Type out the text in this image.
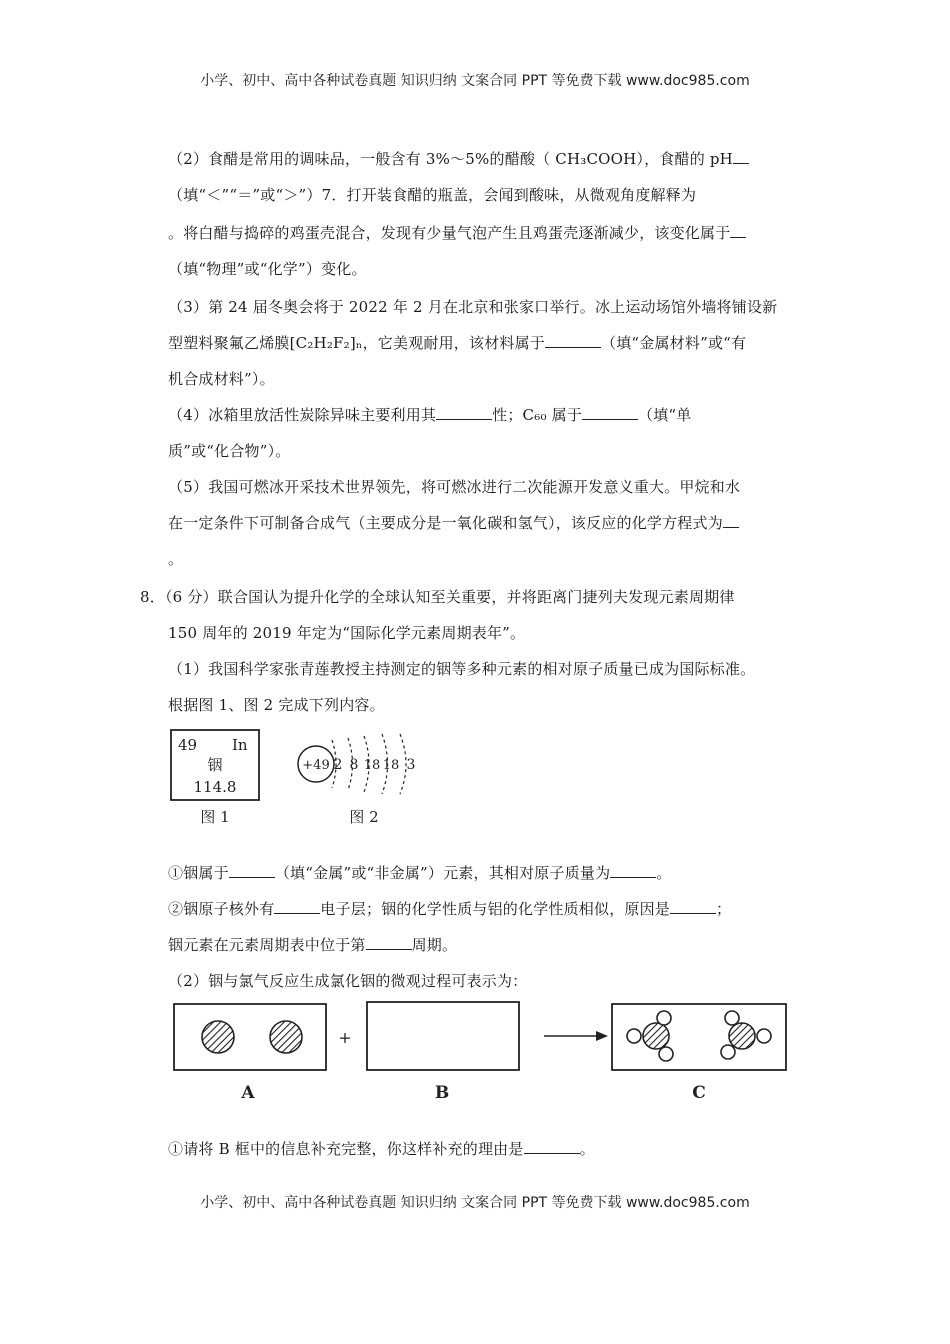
小学、初中、高中各种试卷真题 知识归纳 文案合同 PPT 等免费下载 www.doc985.com
（2）食醋是常用的调味品，一般含有 3%～5%的醋酸（ CH₃COOH），食醋的 pH
（填“＜”“＝”或“＞”）7．打开装食醋的瓶盖，会闻到酸味，从微观角度解释为
。将白醋与捣碎的鸡蛋壳混合，发现有少量气泡产生且鸡蛋壳逐渐减少，该变化属于
（填“物理”或“化学”）变化。
（3）第 24 届冬奥会将于 2022 年 2 月在北京和张家口举行。冰上运动场馆外墙将铺设新
型塑料聚氟乙烯膜[C₂H₂F₂]ₙ，它美观耐用，该材料属于	（填“金属材料”或“有
机合成材料”）。
（4）冰箱里放活性炭除异味主要利用其	性；C₆₀ 属于	（填“单
质”或“化合物”）。
（5）我国可燃冰开采技术世界领先，将可燃冰进行二次能源开发意义重大。甲烷和水
在一定条件下可制备合成气（主要成分是一氧化碳和氢气），该反应的化学方程式为
。
8．（6 分）联合国认为提升化学的全球认知至关重要，并将距离门捷列夫发现元素周期律
150 周年的 2019 年定为“国际化学元素周期表年”。
（1）我国科学家张青莲教授主持测定的铟等多种元素的相对原子质量已成为国际标准。
根据图 1、图 2 完成下列内容。
49 In
铟
114.8
图 1
+49 2 8 18 18 3
图 2
①铟属于	（填“金属”或“非金属”）元素，其相对原子质量为	。
②铟原子核外有	电子层；铟的化学性质与铝的化学性质相似，原因是	；
铟元素在元素周期表中位于第	周期。
（2）铟与氯气反应生成氯化铟的微观过程可表示为：
A
+
B	C
①请将 B 框中的信息补充完整，你这样补充的理由是	。
小学、初中、高中各种试卷真题 知识归纳 文案合同 PPT 等免费下载 www.doc985.com
